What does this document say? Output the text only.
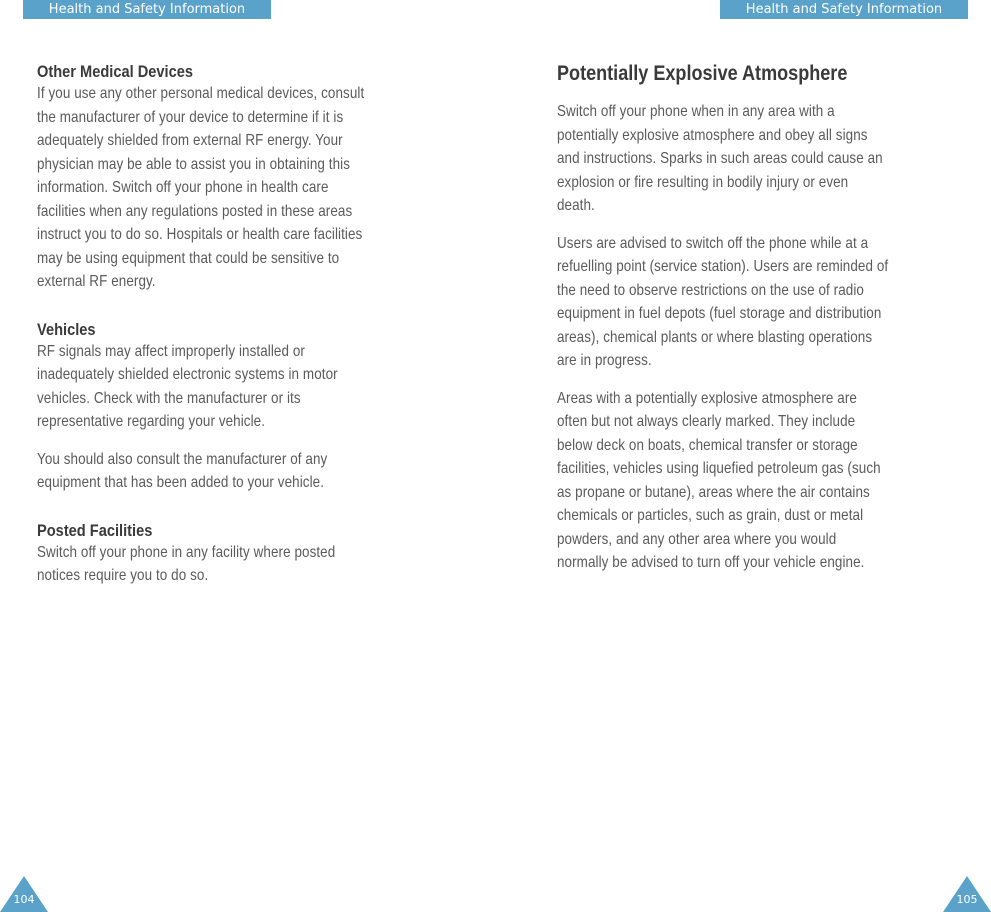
Health and Safety Information	Health and Safety Information
Other Medical Devices
If you use any other personal medical devices, consult
the manufacturer of your device to determine if it is
adequately shielded from external RF energy. Your
physician may be able to assist you in obtaining this
information. Switch off your phone in health care
facilities when any regulations posted in these areas
instruct you to do so. Hospitals or health care facilities
may be using equipment that could be sensitive to
external RF energy.
Vehicles
RF signals may affect improperly installed or
inadequately shielded electronic systems in motor
vehicles. Check with the manufacturer or its
representative regarding your vehicle.
You should also consult the manufacturer of any
equipment that has been added to your vehicle.
Posted Facilities
Switch off your phone in any facility where posted
notices require you to do so.
Potentially Explosive Atmosphere
Switch off your phone when in any area with a
potentially explosive atmosphere and obey all signs
and instructions. Sparks in such areas could cause an
explosion or fire resulting in bodily injury or even
death.
Users are advised to switch off the phone while at a
refuelling point (service station). Users are reminded of
the need to observe restrictions on the use of radio
equipment in fuel depots (fuel storage and distribution
areas), chemical plants or where blasting operations
are in progress.
Areas with a potentially explosive atmosphere are
often but not always clearly marked. They include
below deck on boats, chemical transfer or storage
facilities, vehicles using liquefied petroleum gas (such
as propane or butane), areas where the air contains
chemicals or particles, such as grain, dust or metal
powders, and any other area where you would
normally be advised to turn off your vehicle engine.
104	105
